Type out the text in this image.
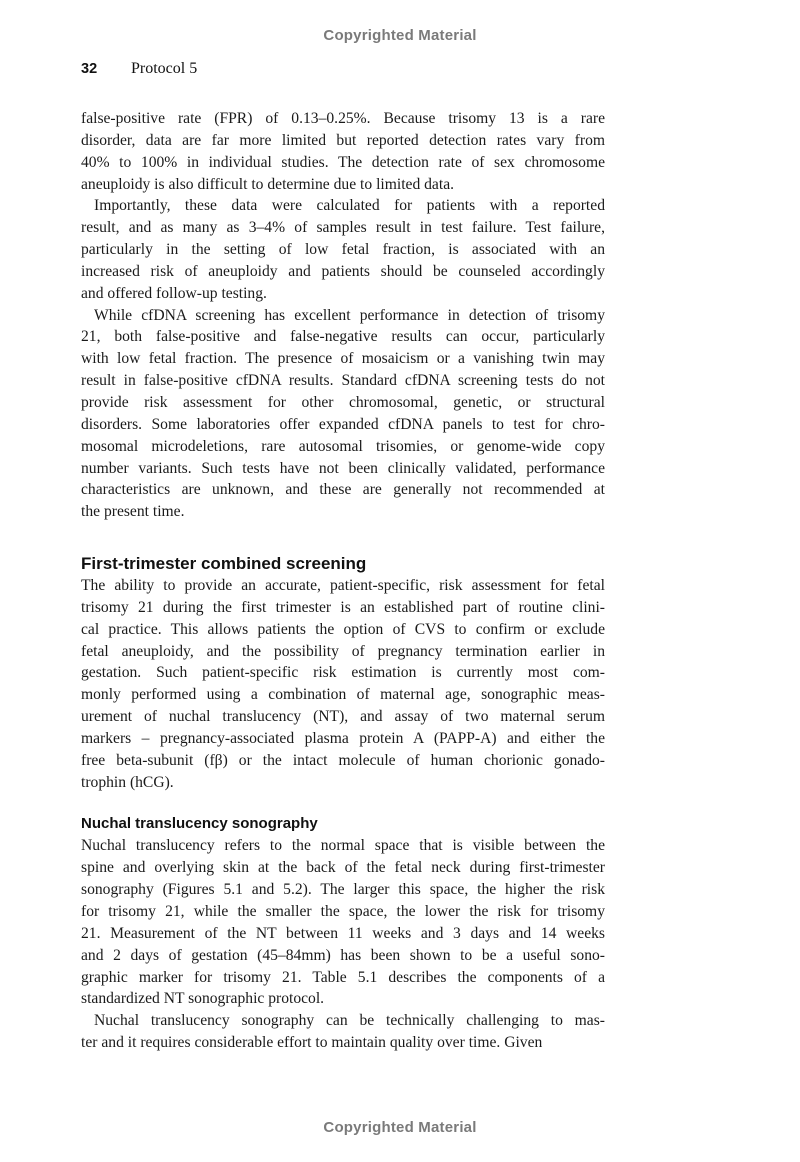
Copyrighted Material
32 Protocol 5

false-positive rate (FPR) of 0.13–0.25%. Because trisomy 13 is a rare
disorder, data are far more limited but reported detection rates vary from
40% to 100% in individual studies. The detection rate of sex chromosome
aneuploidy is also difficult to determine due to limited data.

Importantly, these data were calculated for patients with a reported
result, and as many as 3–4% of samples result in test failure. Test failure,
particularly in the setting of low fetal fraction, is associated with an
increased risk of aneuploidy and patients should be counseled accordingly
and offered follow-up testing.

While cfDNA screening has excellent performance in detection of trisomy
21, both false-positive and false-negative results can occur, particularly
with low fetal fraction. The presence of mosaicism or a vanishing twin may
result in false-positive cfDNA results. Standard cfDNA screening tests do not
provide risk assessment for other chromosomal, genetic, or structural
disorders. Some laboratories offer expanded cfDNA panels to test for chro-
mosomal microdeletions, rare autosomal trisomies, or genome-wide copy
number variants. Such tests have not been clinically validated, performance
characteristics are unknown, and these are generally not recommended at
the present time.

First-trimester combined screening

The ability to provide an accurate, patient-specific, risk assessment for fetal
trisomy 21 during the first trimester is an established part of routine clini-
cal practice. This allows patients the option of CVS to confirm or exclude
fetal aneuploidy, and the possibility of pregnancy termination earlier in
gestation. Such patient-specific risk estimation is currently most com-
monly performed using a combination of maternal age, sonographic meas-
urement of nuchal translucency (NT), and assay of two maternal serum
markers – pregnancy-associated plasma protein A (PAPP-A) and either the
free beta-subunit (fβ) or the intact molecule of human chorionic gonado-
trophin (hCG).

Nuchal translucency sonography

Nuchal translucency refers to the normal space that is visible between the
spine and overlying skin at the back of the fetal neck during first-trimester
sonography (Figures 5.1 and 5.2). The larger this space, the higher the risk
for trisomy 21, while the smaller the space, the lower the risk for trisomy
21. Measurement of the NT between 11 weeks and 3 days and 14 weeks
and 2 days of gestation (45–84mm) has been shown to be a useful sono-
graphic marker for trisomy 21. Table 5.1 describes the components of a
standardized NT sonographic protocol.

Nuchal translucency sonography can be technically challenging to mas-
ter and it requires considerable effort to maintain quality over time. Given

Copyrighted Material
